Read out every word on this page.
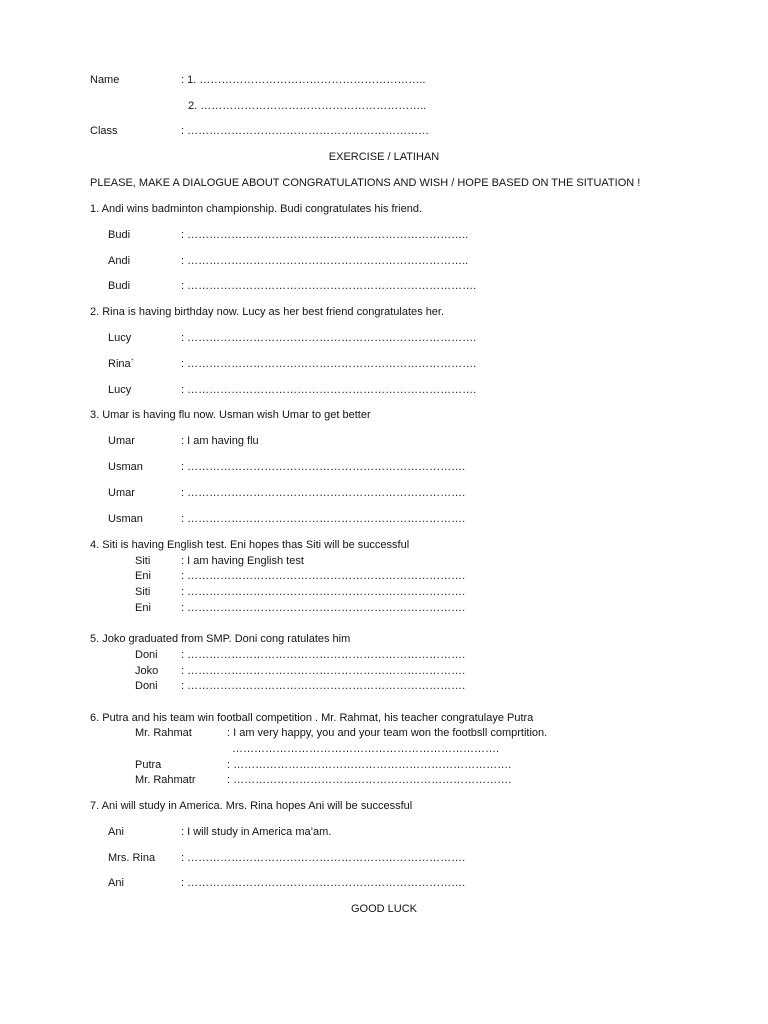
Name	: 1. ……………………………………………………..
2. ……………………………………………………..
Class	: …………………………………………………………
EXERCISE / LATIHAN
PLEASE, MAKE A DIALOGUE ABOUT CONGRATULATIONS AND WISH / HOPE BASED ON THE SITUATION !
1. Andi wins badminton championship. Budi congratulates his friend.
Budi	: …………………………………………………………………..
Andi	: …………………………………………………………………..
Budi	: …………………………………………………………………….
2. Rina is having birthday now. Lucy as her best friend congratulates her.
Lucy	: …………………………………………………………………….
Rina`	: …………………………………………………………………….
Lucy	: …………………………………………………………………….
3. Umar is having flu now. Usman wish Umar to get better
Umar	: I am having flu
Usman	: ………………………………………………………………….
Umar	: ………………………………………………………………….
Usman	: ………………………………………………………………….
4. Siti is having English test. Eni hopes thas Siti will be successful
Siti	: I am having English test
Eni	: ………………………………………………………………….
Siti	: ………………………………………………………………….
Eni	: ………………………………………………………………….
5. Joko graduated from SMP. Doni cong ratulates him
Doni : ………………………………………………………………….
Joko : ………………………………………………………………….
Doni : ………………………………………………………………….
6. Putra and his team win football competition . Mr. Rahmat, his teacher congratulaye Putra
Mr. Rahmat	: I am very happy, you and your team won the footbsll comprtition.
……………………………………………………………….
Putra	: ………………………………………………………………….
Mr. Rahmatr	: ………………………………………………………………….
7. Ani will study in America. Mrs. Rina hopes Ani will be successful
Ani	: I will study in America ma’am.
Mrs. Rina : ………………………………………………………………….
Ani	: ………………………………………………………………….
GOOD LUCK
